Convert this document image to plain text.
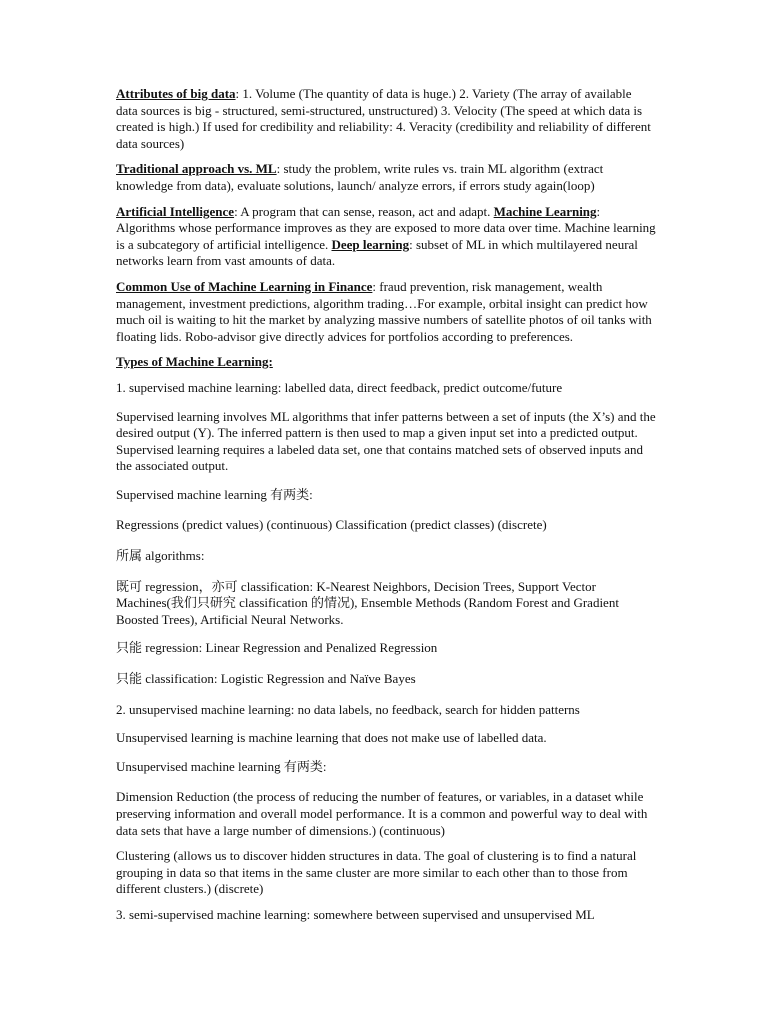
Attributes of big data: 1. Volume (The quantity of data is huge.) 2. Variety (The array of available data sources is big - structured, semi-structured, unstructured) 3. Velocity (The speed at which data is created is high.) If used for credibility and reliability: 4. Veracity (credibility and reliability of different data sources)

Traditional approach vs. ML: study the problem, write rules vs. train ML algorithm (extract knowledge from data), evaluate solutions, launch/ analyze errors, if errors study again(loop)

Artificial Intelligence: A program that can sense, reason, act and adapt. Machine Learning: Algorithms whose performance improves as they are exposed to more data over time. Machine learning is a subcategory of artificial intelligence. Deep learning: subset of ML in which multilayered neural networks learn from vast amounts of data.

Common Use of Machine Learning in Finance: fraud prevention, risk management, wealth management, investment predictions, algorithm trading…For example, orbital insight can predict how much oil is waiting to hit the market by analyzing massive numbers of satellite photos of oil tanks with floating lids. Robo-advisor give directly advices for portfolios according to preferences.

Types of Machine Learning:

1. supervised machine learning: labelled data, direct feedback, predict outcome/future

Supervised learning involves ML algorithms that infer patterns between a set of inputs (the X’s) and the desired output (Y). The inferred pattern is then used to map a given input set into a predicted output. Supervised learning requires a labeled data set, one that contains matched sets of observed inputs and the associated output.

Supervised machine learning 有两类:

Regressions (predict values) (continuous) Classification (predict classes) (discrete)

所属 algorithms:

既可 regression，亦可 classification: K-Nearest Neighbors, Decision Trees, Support Vector Machines(我们只研究 classification 的情况), Ensemble Methods (Random Forest and Gradient Boosted Trees), Artificial Neural Networks.

只能 regression: Linear Regression and Penalized Regression

只能 classification: Logistic Regression and Naïve Bayes

2. unsupervised machine learning: no data labels, no feedback, search for hidden patterns

Unsupervised learning is machine learning that does not make use of labelled data.

Unsupervised machine learning 有两类:

Dimension Reduction (the process of reducing the number of features, or variables, in a dataset while preserving information and overall model performance. It is a common and powerful way to deal with data sets that have a large number of dimensions.) (continuous)

Clustering (allows us to discover hidden structures in data. The goal of clustering is to find a natural grouping in data so that items in the same cluster are more similar to each other than to those from different clusters.) (discrete)

3. semi-supervised machine learning: somewhere between supervised and unsupervised ML
